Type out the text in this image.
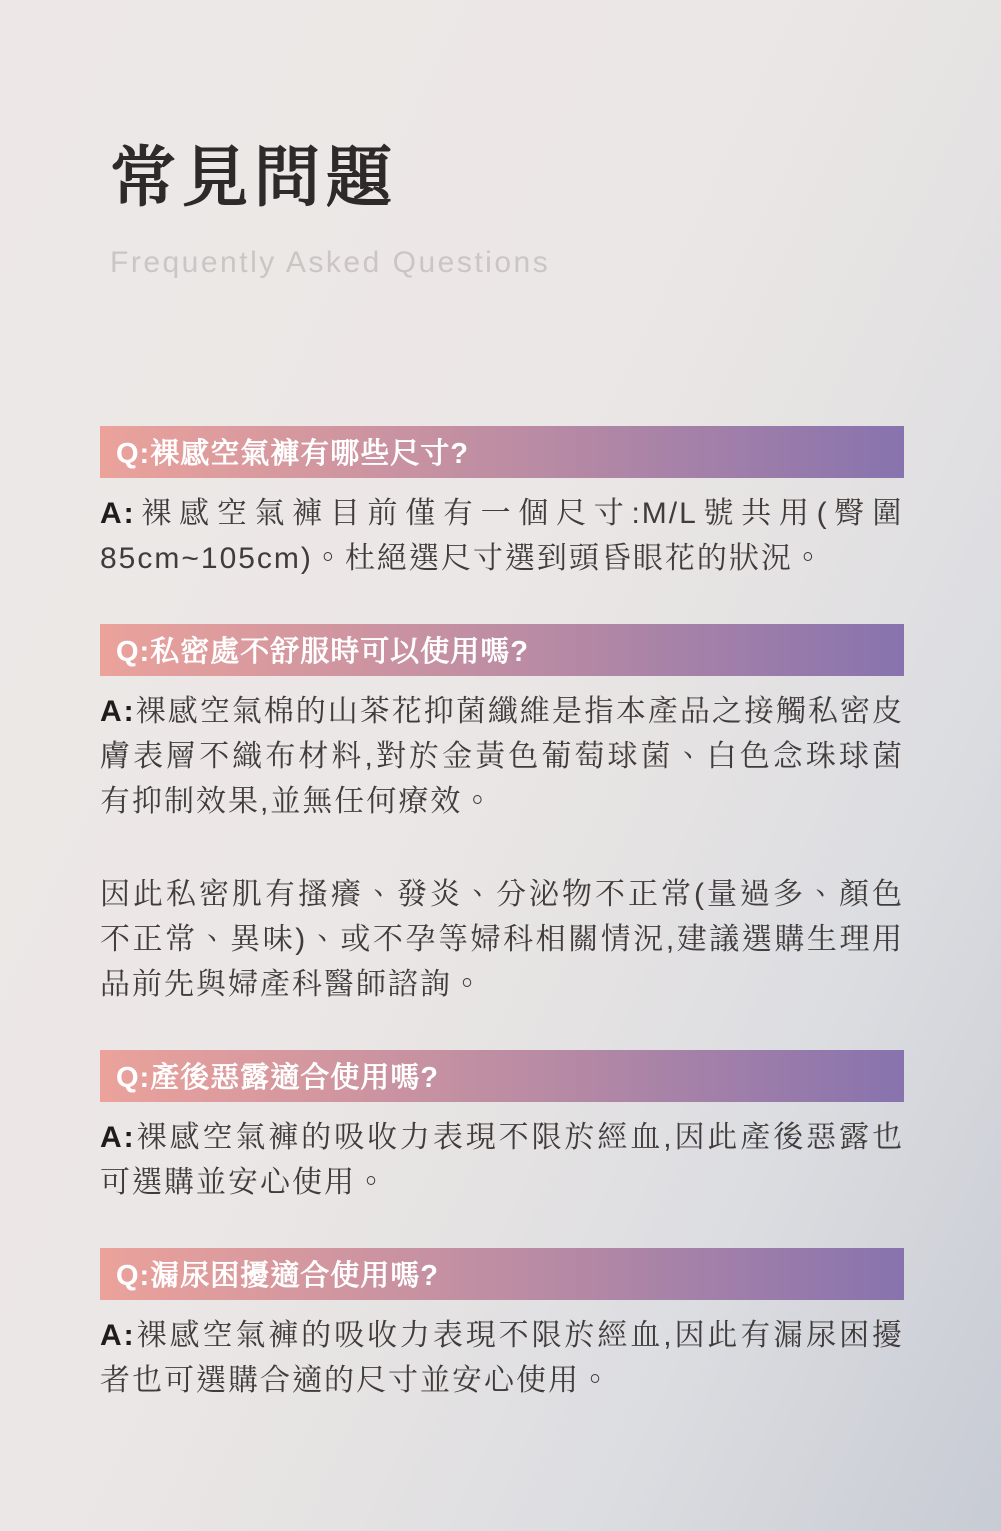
常見問題
Frequently Asked Questions
Q:裸感空氣褲有哪些尺寸?

A:裸感空氣褲目前僅有一個尺寸:M/L號共用(臀圍85cm~105cm)。杜絕選尺寸選到頭昏眼花的狀況。

Q:私密處不舒服時可以使用嗎?

A:裸感空氣棉的山茶花抑菌纖維是指本產品之接觸私密皮膚表層不織布材料,對於金黃色葡萄球菌、白色念珠球菌有抑制效果,並無任何療效。

因此私密肌有搔癢、發炎、分泌物不正常(量過多、顏色不正常、異味)、或不孕等婦科相關情況,建議選購生理用品前先與婦產科醫師諮詢。

Q:產後惡露適合使用嗎?

A:裸感空氣褲的吸收力表現不限於經血,因此產後惡露也可選購並安心使用。

Q:漏尿困擾適合使用嗎?

A:裸感空氣褲的吸收力表現不限於經血,因此有漏尿困擾者也可選購合適的尺寸並安心使用。
